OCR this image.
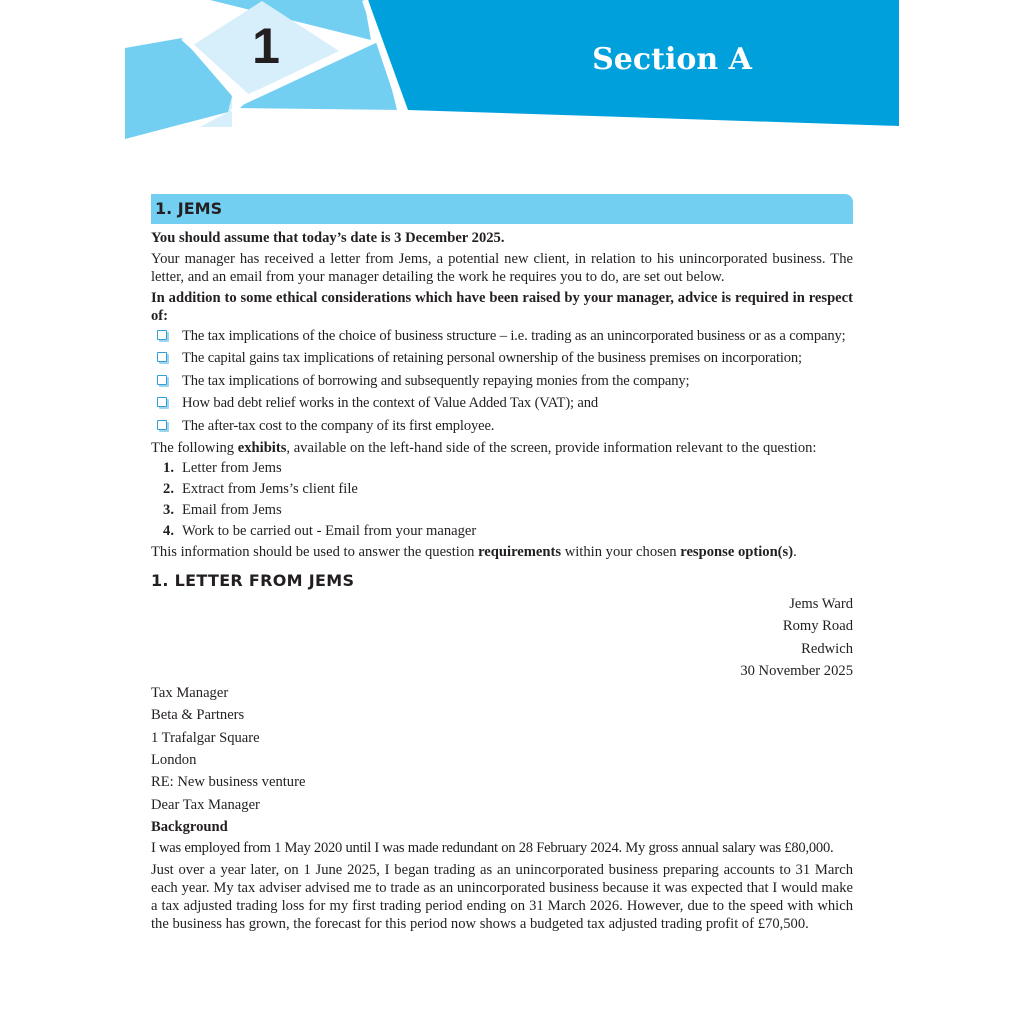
1	Section A
1. JEMS

You should assume that today’s date is 3 December 2025.

Your manager has received a letter from Jems, a potential new client, in relation to his unincorporated business. The letter, and an email from your manager detailing the work he requires you to do, are set out below.

In addition to some ethical considerations which have been raised by your manager, advice is required in respect of:

The tax implications of the choice of business structure – i.e. trading as an unincorporated business or as a company;
The capital gains tax implications of retaining personal ownership of the business premises on incorporation;
The tax implications of borrowing and subsequently repaying monies from the company;
How bad debt relief works in the context of Value Added Tax (VAT); and
The after-tax cost to the company of its first employee.

The following exhibits, available on the left-hand side of the screen, provide information relevant to the question:

1. Letter from Jems
2. Extract from Jems’s client file
3. Email from Jems
4. Work to be carried out - Email from your manager

This information should be used to answer the question requirements within your chosen response option(s).

1. LETTER FROM JEMS
Jems Ward
Romy Road
Redwich
30 November 2025
Tax Manager
Beta & Partners
1 Trafalgar Square
London
RE: New business venture
Dear Tax Manager
Background

I was employed from 1 May 2020 until I was made redundant on 28 February 2024. My gross annual salary was £80,000.

Just over a year later, on 1 June 2025, I began trading as an unincorporated business preparing accounts to 31 March each year. My tax adviser advised me to trade as an unincorporated business because it was expected that I would make a tax adjusted trading loss for my first trading period ending on 31 March 2026. However, due to the speed with which the business has grown, the forecast for this period now shows a budgeted tax adjusted trading profit of £70,500.
